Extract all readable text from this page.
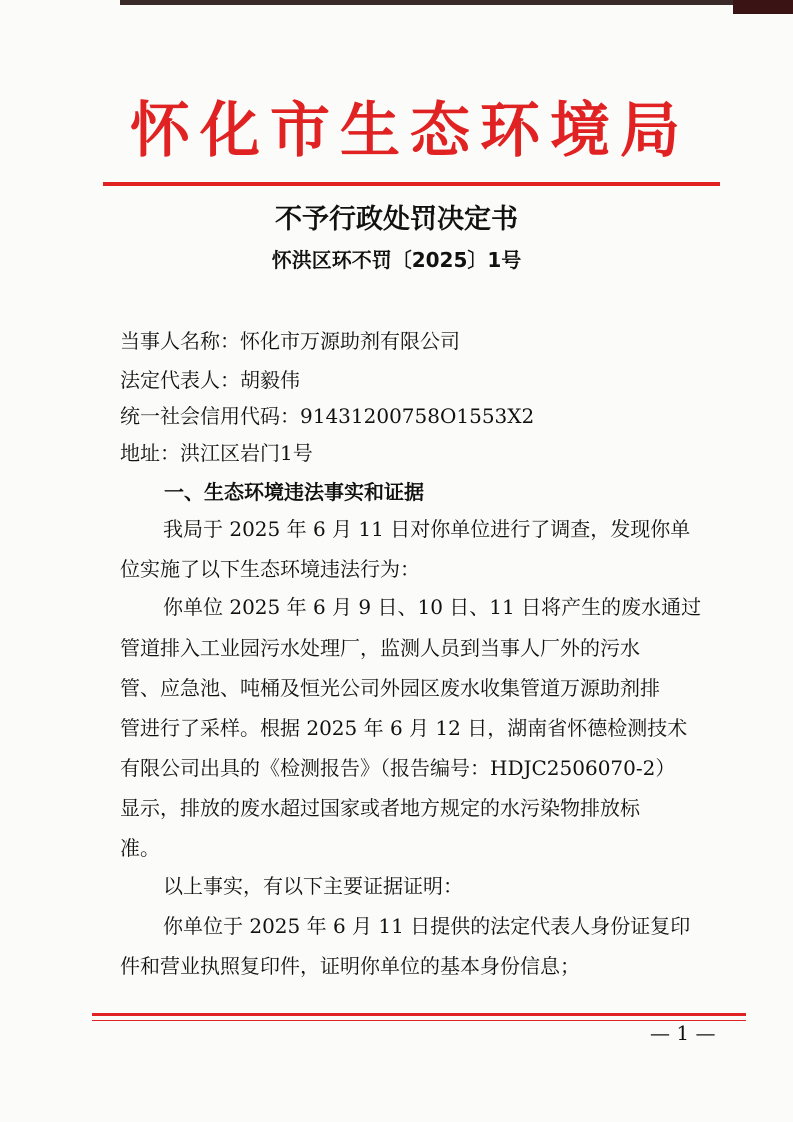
怀化市生态环境局
不予行政处罚决定书
怀洪区环不罚〔2025〕1号
当事人名称：怀化市万源助剂有限公司
法定代表人：胡毅伟
统一社会信用代码：91431200758O1553X2
地址：洪江区岩门1号
一、生态环境违法事实和证据
我局于 2025 年 6 月 11 日对你单位进行了调查，发现你单
位实施了以下生态环境违法行为：
你单位 2025 年 6 月 9 日、10 日、11 日将产生的废水通过
管道排入工业园污水处理厂，监测人员到当事人厂外的污水
管、应急池、吨桶及恒光公司外园区废水收集管道万源助剂排
管进行了采样。根据 2025 年 6 月 12 日，湖南省怀德检测技术
有限公司出具的《检测报告》（报告编号：HDJC2506070-2）
显示，排放的废水超过国家或者地方规定的水污染物排放标
准。
以上事实，有以下主要证据证明：
你单位于 2025 年 6 月 11 日提供的法定代表人身份证复印
件和营业执照复印件，证明你单位的基本身份信息；
— 1 —
